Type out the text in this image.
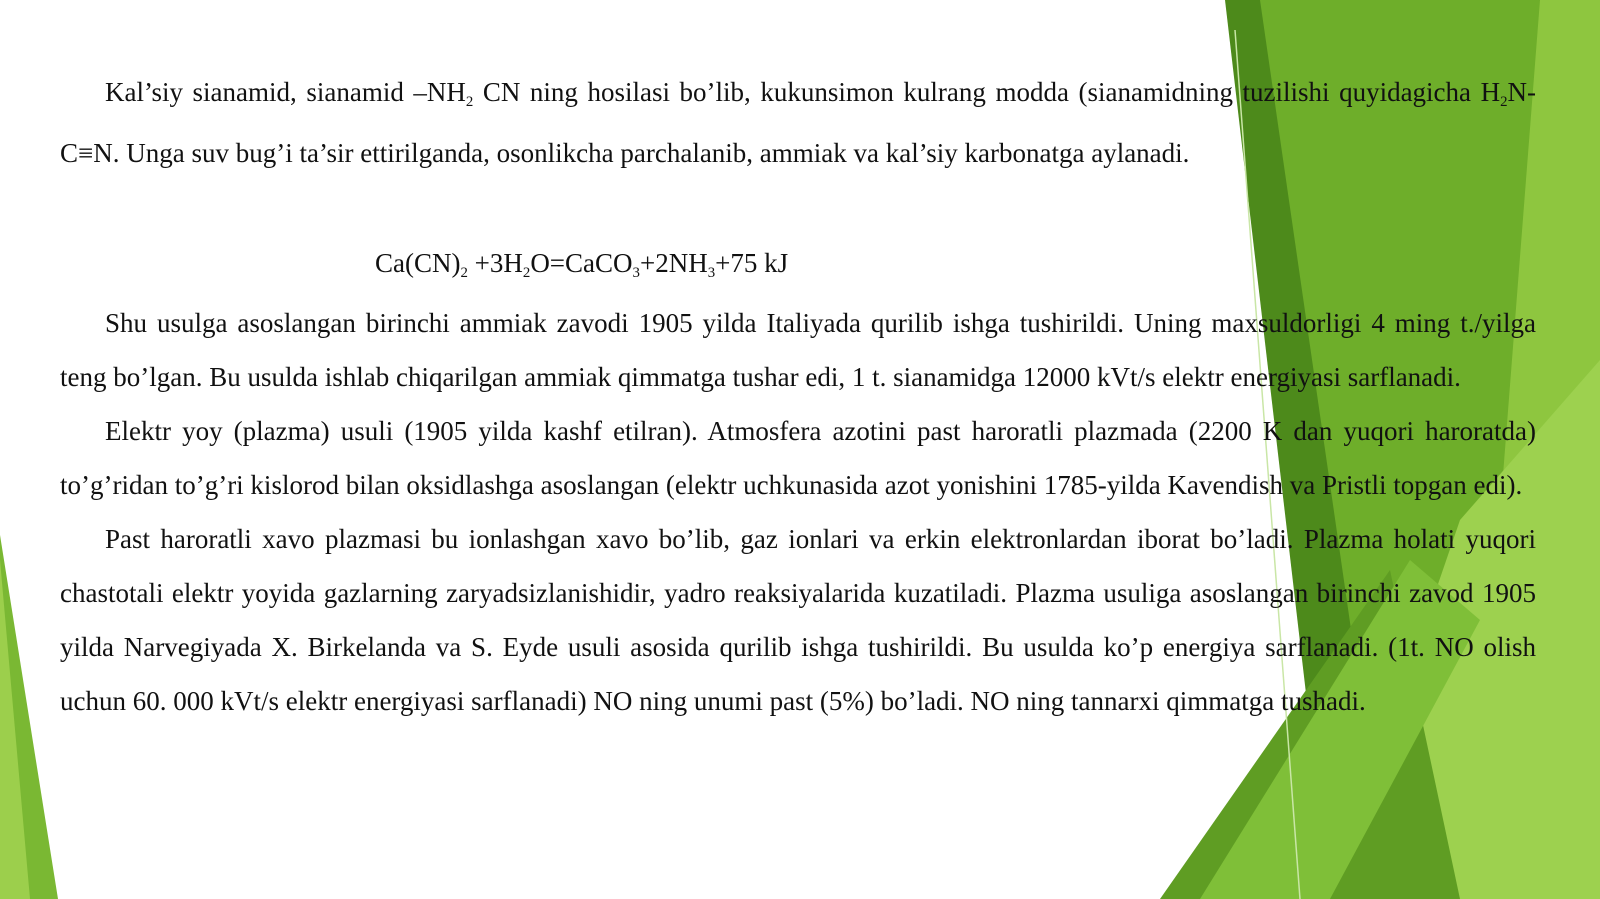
Kal’siy sianamid, sianamid $-NH_2$ CN ning hosilasi bo’lib, kukunsimon kulrang modda (sianamidning tuzilishi quyidagicha $H_2N-C\equiv N$. Unga suv bug’i ta’sir ettirilganda, osonlikcha parchalanib, ammiak va kal’siy karbonatga aylanadi.

$Ca(CN)_2$ $+3H_2O=CaCO_3+2NH_3+75$ kJ

Shu usulga asoslangan birinchi ammiak zavodi 1905 yilda Italiyada qurilib ishga tushirildi. Uning maxsuldorligi 4 ming t./yilga teng bo’lgan. Bu usulda ishlab chiqarilgan ammiak qimmatga tushar edi, 1 t. sianamidga 12000 kVt/s elektr energiyasi sarflanadi.

Elektr yoy (plazma) usuli (1905 yilda kashf etilran). Atmosfera azotini past haroratli plazmada (2200 K dan yuqori haroratda) to’g’ridan to’g’ri kislorod bilan oksidlashga asoslangan (elektr uchkunasida azot yonishini 1785-yilda Kavendish va Pristli topgan edi).

Past haroratli xavo plazmasi bu ionlashgan xavo bo’lib, gaz ionlari va erkin elektronlardan iborat bo’ladi. Plazma holati yuqori chastotali elektr yoyida gazlarning zaryadsizlanishidir, yadro reaksiyalarida kuzatiladi. Plazma usuliga asoslangan birinchi zavod 1905 yilda Narvegiyada X. Birkelanda va S. Eyde usuli asosida qurilib ishga tushirildi. Bu usulda ko’p energiya sarflanadi. (1t. NO olish uchun 60. 000 kVt/s elektr energiyasi sarflanadi) NO ning unumi past (5%) bo’ladi. NO ning tannarxi qimmatga tushadi.
